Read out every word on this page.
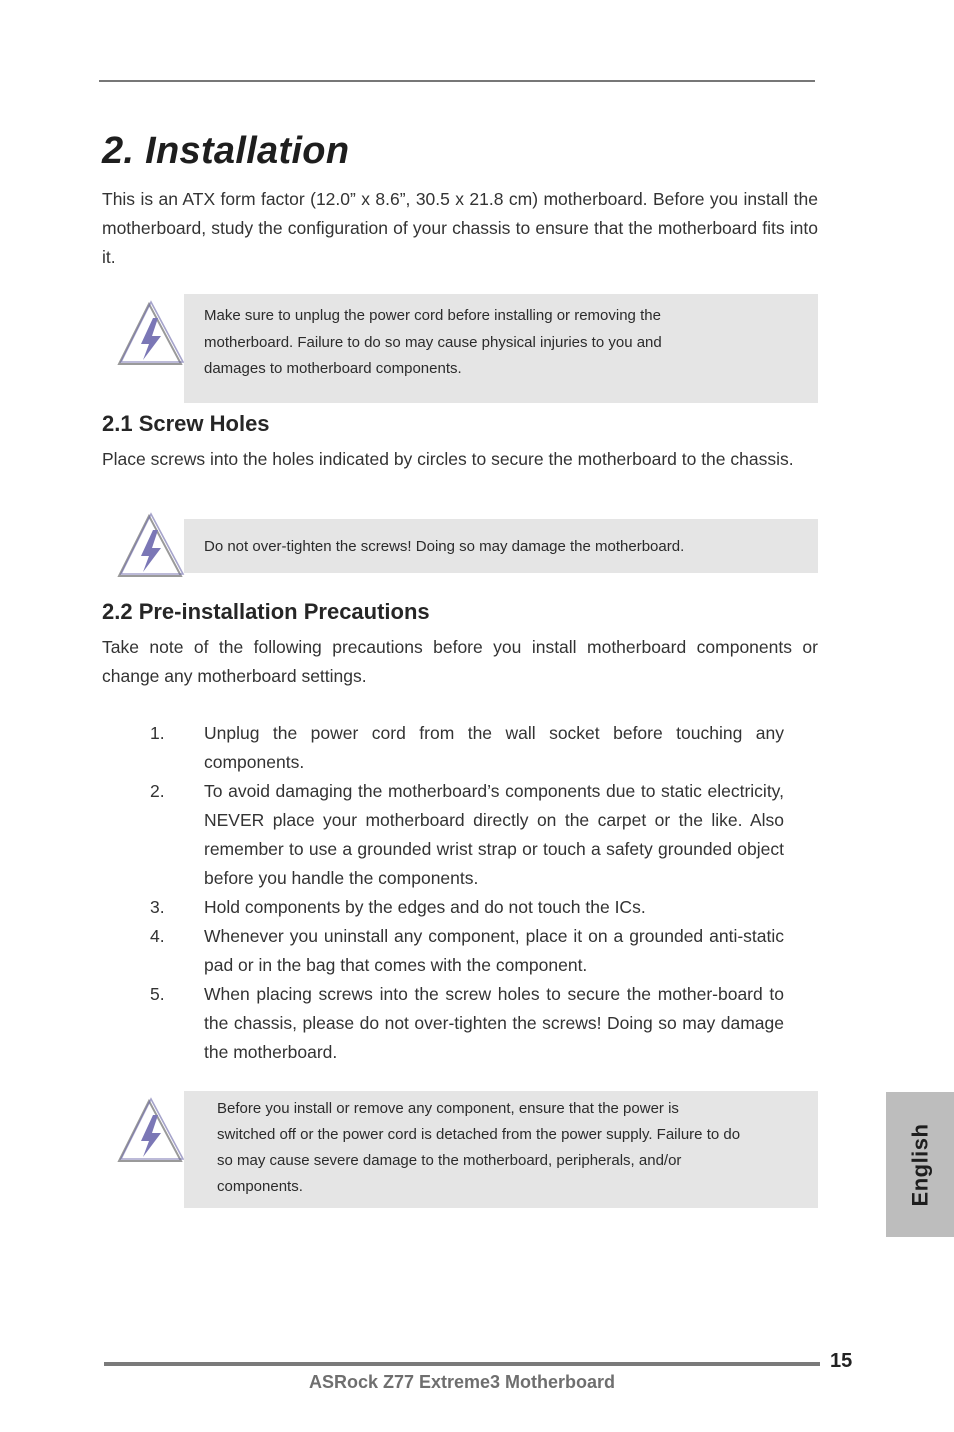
2. Installation

This is an ATX form factor (12.0” x 8.6”, 30.5 x 21.8 cm) motherboard. Before you install the motherboard, study the configuration of your chassis to ensure that the motherboard fits into it.

Make sure to unplug the power cord before installing or removing the

motherboard. Failure to do so may cause physical injuries to you and

damages to motherboard components.

2.1 Screw Holes

Place screws into the holes indicated by circles to secure the motherboard to the chassis.

Do not over-tighten the screws! Doing so may damage the motherboard.

2.2 Pre-installation Precautions

Take note of the following precautions before you install motherboard components or change any motherboard settings.

1.	Unplug the power cord from the wall socket before touching any components.
2.	To avoid damaging the motherboard’s components due to static electricity, NEVER place your motherboard directly on the carpet or the like. Also remember to use a grounded wrist strap or touch a safety grounded object before you handle the components.
3.	Hold components by the edges and do not touch the ICs.
4.	Whenever you uninstall any component, place it on a grounded anti-static pad or in the bag that comes with the component.
5.	When placing screws into the screw holes to secure the mother-board to the chassis, please do not over-tighten the screws! Doing so may damage the motherboard.

Before you install or remove any component, ensure that the power is

switched off or the power cord is detached from the power supply. Failure to do

so may cause severe damage to the motherboard, peripherals, and/or

components.	English
15
ASRock Z77 Extreme3 Motherboard
